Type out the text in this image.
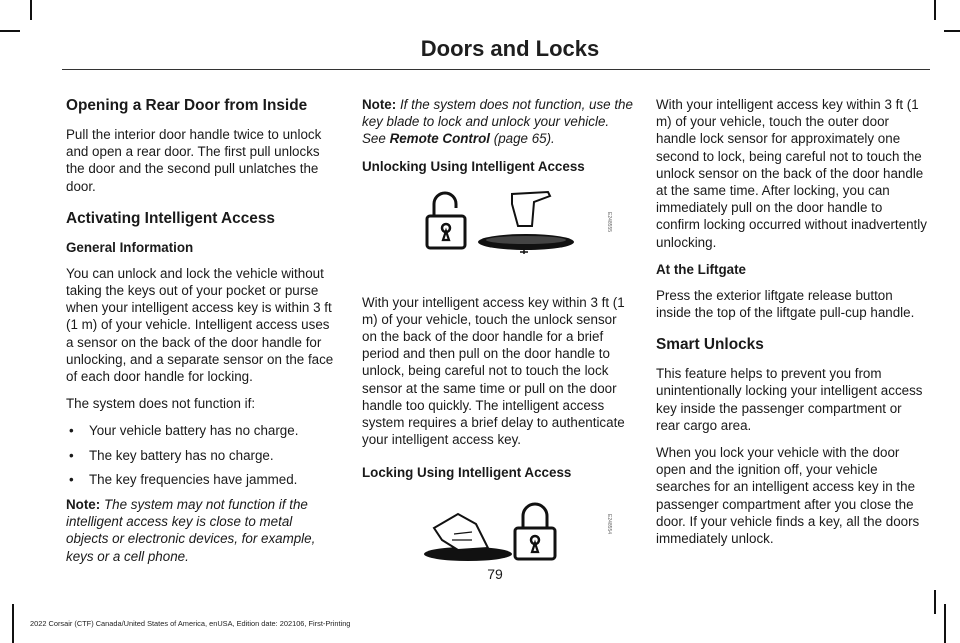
Doors and Locks
Opening a Rear Door from Inside

Pull the interior door handle twice to unlock and open a rear door. The first pull unlocks the door and the second pull unlatches the door.

Activating Intelligent Access
General Information

You can unlock and lock the vehicle without taking the keys out of your pocket or purse when your intelligent access key is within 3 ft (1 m) of your vehicle. Intelligent access uses a sensor on the back of the door handle for unlocking, and a separate sensor on the face of each door handle for locking.

The system does not function if:

• Your vehicle battery has no charge.
• The key battery has no charge.
• The key frequencies have jammed.

Note: The system may not function if the intelligent access key is close to metal objects or electronic devices, for example, keys or a cell phone.

Note: If the system does not function, use the key blade to lock and unlock your vehicle. See Remote Control (page 65).

Unlocking Using Intelligent Access
E248555

With your intelligent access key within 3 ft (1 m) of your vehicle, touch the unlock sensor on the back of the door handle for a brief period and then pull on the door handle to unlock, being careful not to touch the lock sensor at the same time or pull on the door handle too quickly. The intelligent access system requires a brief delay to authenticate your intelligent access key.

Locking Using Intelligent Access
E248554

With your intelligent access key within 3 ft (1 m) of your vehicle, touch the outer door handle lock sensor for approximately one second to lock, being careful not to touch the unlock sensor on the back of the door handle at the same time. After locking, you can immediately pull on the door handle to confirm locking occurred without inadvertently unlocking.

At the Liftgate

Press the exterior liftgate release button inside the top of the liftgate pull-cup handle.

Smart Unlocks

This feature helps to prevent you from unintentionally locking your intelligent access key inside the passenger compartment or rear cargo area.

When you lock your vehicle with the door open and the ignition off, your vehicle searches for an intelligent access key in the passenger compartment after you close the door. If your vehicle finds a key, all the doors immediately unlock.

79
2022 Corsair (CTF) Canada/United States of America, enUSA, Edition date: 202106, First-Printing
